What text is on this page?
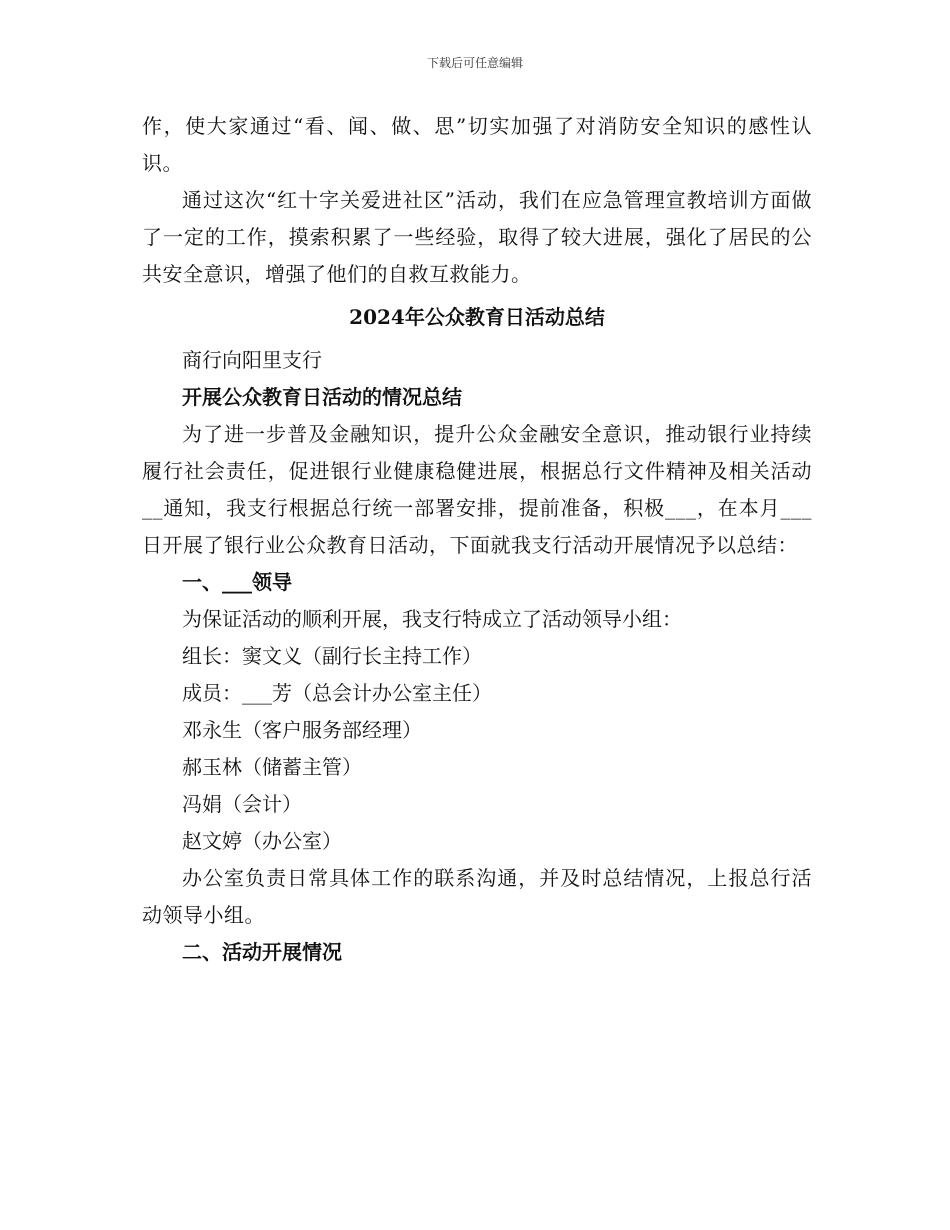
下载后可任意编辑

作，使大家通过“看、闻、做、思”切实加强了对消防安全知识的感性认识。

通过这次“红十字关爱进社区”活动，我们在应急管理宣教培训方面做了一定的工作，摸索积累了一些经验，取得了较大进展，强化了居民的公共安全意识，增强了他们的自救互救能力。

2024年公众教育日活动总结

商行向阳里支行

开展公众教育日活动的情况总结

为了进一步普及金融知识，提升公众金融安全意识，推动银行业持续履行社会责任，促进银行业健康稳健进展，根据总行文件精神及相关活动__通知，我支行根据总行统一部署安排，提前准备，积极___，在本月___日开展了银行业公众教育日活动，下面就我支行活动开展情况予以总结：

一、___领导

为保证活动的顺利开展，我支行特成立了活动领导小组：

组长：窦文义（副行长主持工作）

成员：___芳（总会计办公室主任）

邓永生（客户服务部经理）

郝玉林（储蓄主管）

冯娟（会计）

赵文婷（办公室）

办公室负责日常具体工作的联系沟通，并及时总结情况，上报总行活动领导小组。

二、活动开展情况
